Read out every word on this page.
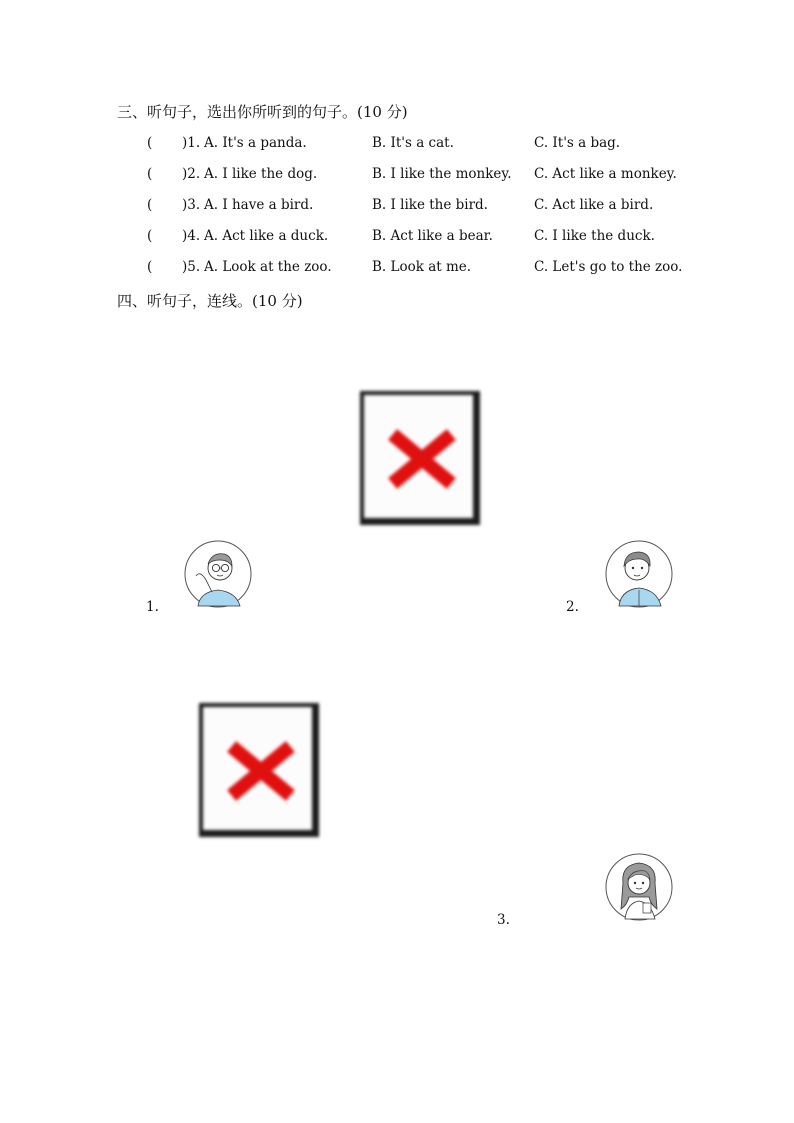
三、听句子，选出你所听到的句子。(10 分)
( )1. A. It's a panda.	B. It's a cat.	C. It's a bag.
( )2. A. I like the dog.	B. I like the monkey. C. Act like a monkey.
( )3. A. I have a bird.	B. I like the bird.	C. Act like a bird.
( )4. A. Act like a duck.	B. Act like a bear.	C. I like the duck.
( )5. A. Look at the zoo.	B. Look at me.	C. Let's go to the zoo.
四、听句子，连线。(10 分)
1.	2.
3.
